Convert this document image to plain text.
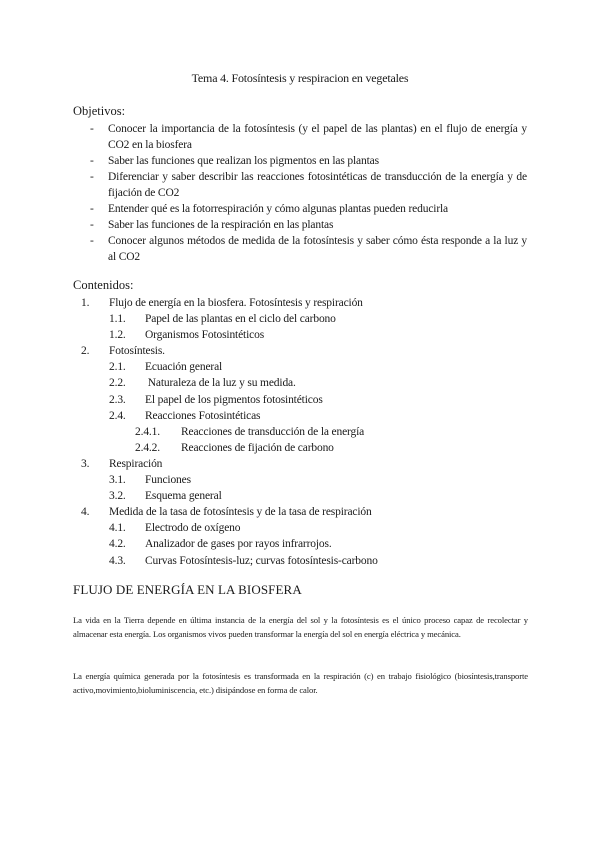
Tema 4. Fotosíntesis y respiracion en vegetales
Objetivos:
- Conocer la importancia de la fotosíntesis (y el papel de las plantas) en el flujo de energía y CO2 en la biosfera
- Saber las funciones que realizan los pigmentos en las plantas
- Diferenciar y saber describir las reacciones fotosintéticas de transducción de la energía y de fijación de CO2
- Entender qué es la fotorrespiración y cómo algunas plantas pueden reducirla
- Saber las funciones de la respiración en las plantas
- Conocer algunos métodos de medida de la fotosíntesis y saber cómo ésta responde a la luz y al CO2
Contenidos:
1. Flujo de energía en la biosfera. Fotosíntesis y respiración
1.1. Papel de las plantas en el ciclo del carbono
1.2. Organismos Fotosintéticos
2. Fotosíntesis.
2.1. Ecuación general
2.2. Naturaleza de la luz y su medida.
2.3. El papel de los pigmentos fotosintéticos
2.4. Reacciones Fotosintéticas
2.4.1. Reacciones de transducción de la energía
2.4.2. Reacciones de fijación de carbono
3. Respiración
3.1. Funciones
3.2. Esquema general
4. Medida de la tasa de fotosíntesis y de la tasa de respiración
4.1. Electrodo de oxígeno
4.2. Analizador de gases por rayos infrarrojos.
4.3. Curvas Fotosíntesis-luz; curvas fotosíntesis-carbono
FLUJO DE ENERGÍA EN LA BIOSFERA
La vida en la Tierra depende en última instancia de la energía del sol y la fotosíntesis es el único proceso capaz de recolectar y almacenar esta energía. Los organismos vivos pueden transformar la energía del sol en energía eléctrica y mecánica.
La energía química generada por la fotosíntesis es transformada en la respiración (c) en trabajo fisiológico (biosíntesis,transporte activo,movimiento,bioluminiscencia, etc.) disipándose en forma de calor.
